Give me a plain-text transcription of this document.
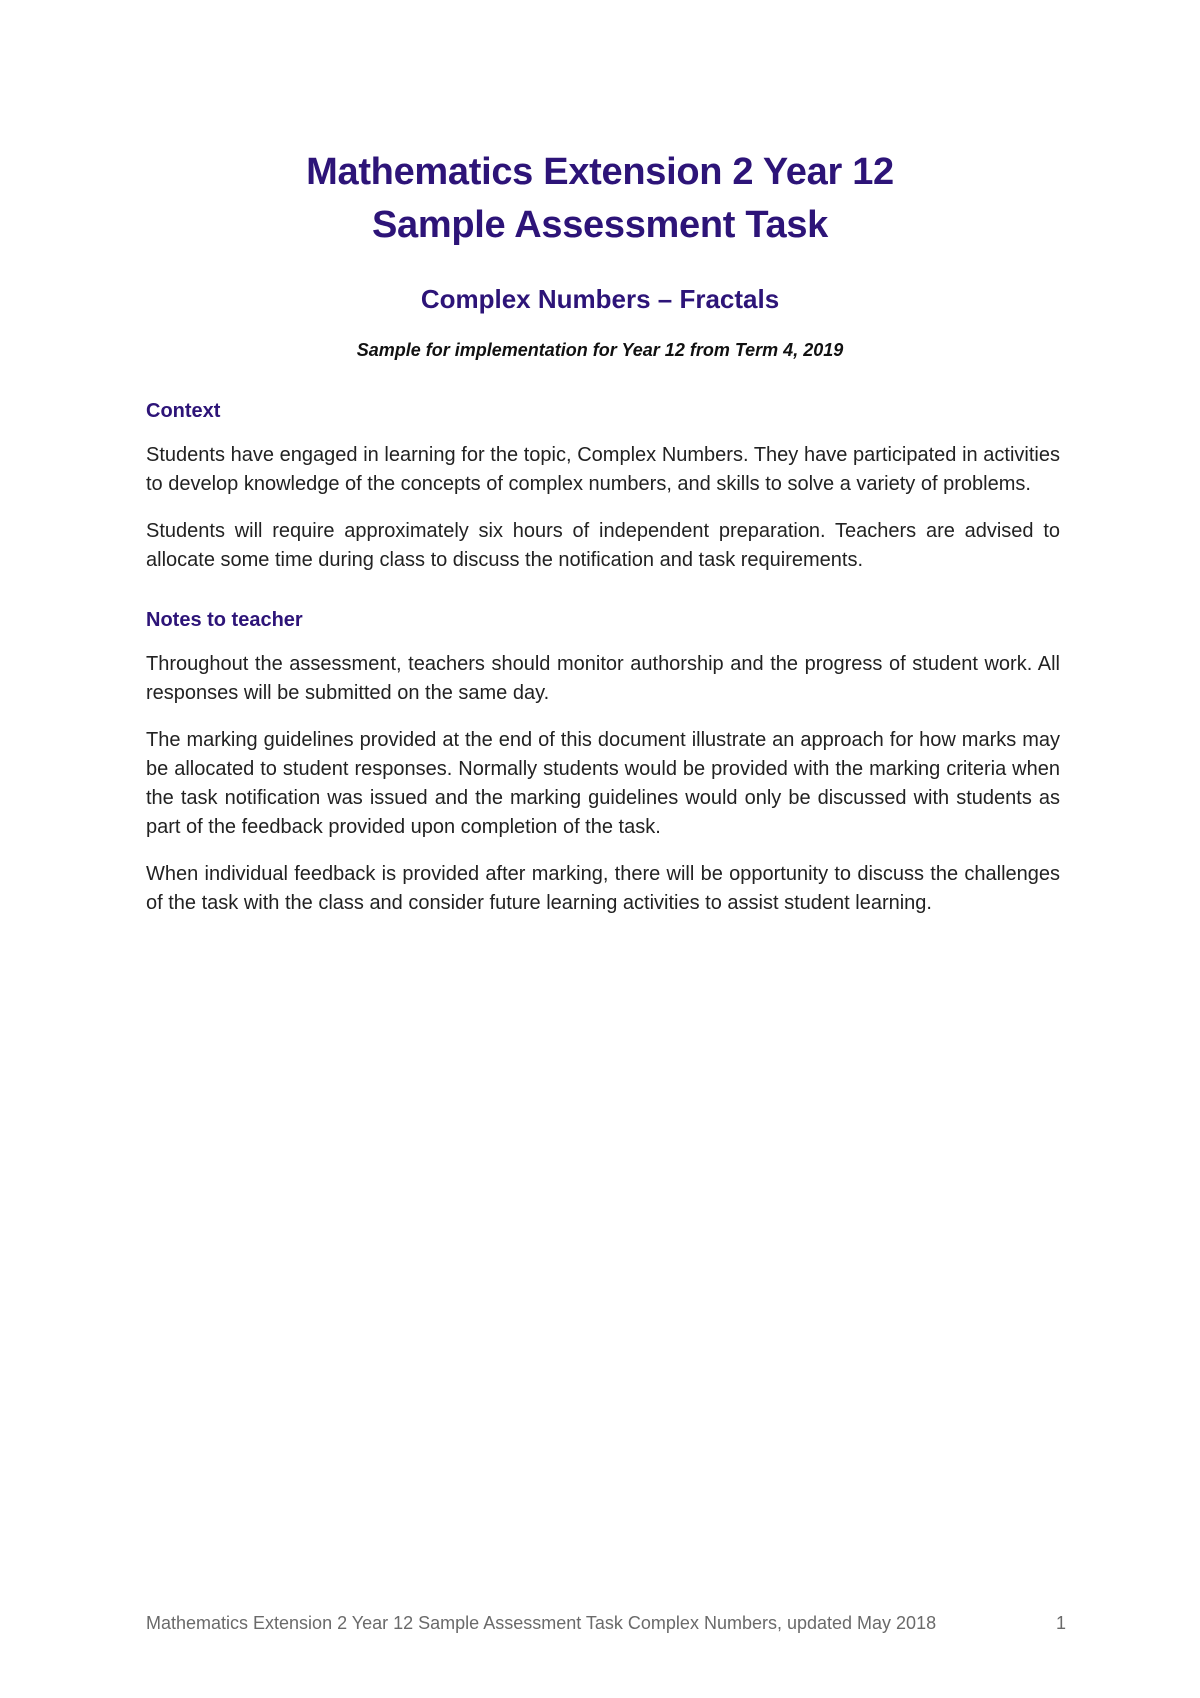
Mathematics Extension 2 Year 12
Sample Assessment Task
Complex Numbers – Fractals
Sample for implementation for Year 12 from Term 4, 2019

Context

Students have engaged in learning for the topic, Complex Numbers. They have participated in activities to develop knowledge of the concepts of complex numbers, and skills to solve a variety of problems.

Students will require approximately six hours of independent preparation. Teachers are advised to allocate some time during class to discuss the notification and task requirements.

Notes to teacher

Throughout the assessment, teachers should monitor authorship and the progress of student work. All responses will be submitted on the same day.

The marking guidelines provided at the end of this document illustrate an approach for how marks may be allocated to student responses. Normally students would be provided with the marking criteria when the task notification was issued and the marking guidelines would only be discussed with students as part of the feedback provided upon completion of the task.

When individual feedback is provided after marking, there will be opportunity to discuss the challenges of the task with the class and consider future learning activities to assist student learning.

Mathematics Extension 2 Year 12 Sample Assessment Task Complex Numbers, updated May 2018	1
